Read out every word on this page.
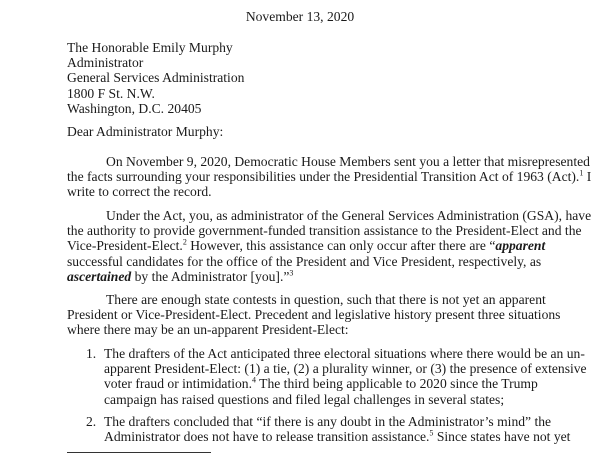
November 13, 2020
The Honorable Emily Murphy
Administrator
General Services Administration
1800 F St. N.W.
Washington, D.C. 20405
Dear Administrator Murphy:
On November 9, 2020, Democratic House Members sent you a letter that misrepresented
the facts surrounding your responsibilities under the Presidential Transition Act of 1963 (Act).$^1$ I
write to correct the record.
Under the Act, you, as administrator of the General Services Administration (GSA), have
the authority to provide government-funded transition assistance to the President-Elect and the
Vice-President-Elect.$^2$ However, this assistance can only occur after there are “apparent
successful candidates for the office of the President and Vice President, respectively, as
ascertained by the Administrator [you].”$^3$
There are enough state contests in question, such that there is not yet an apparent
President or Vice-President-Elect. Precedent and legislative history present three situations
where there may be an un-apparent President-Elect:
1. The drafters of the Act anticipated three electoral situations where there would be an un-
apparent President-Elect: (1) a tie, (2) a plurality winner, or (3) the presence of extensive
voter fraud or intimidation.$^4$ The third being applicable to 2020 since the Trump
campaign has raised questions and filed legal challenges in several states;
2. The drafters concluded that “if there is any doubt in the Administrator’s mind” the
Administrator does not have to release transition assistance.$^5$ Since states have not yet
